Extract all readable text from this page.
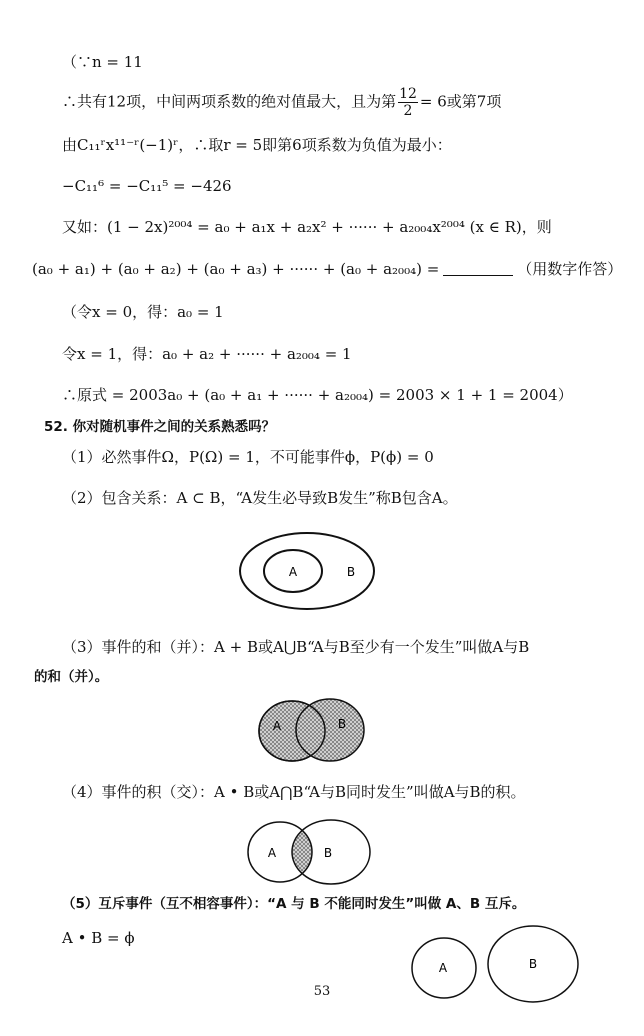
（∵n = 11
∴共有12项，中间两项系数的绝对值最大，且为第 $\frac{12}{2} = 6$或第7项
由C₁₁ʳx¹¹⁻ʳ(−1)ʳ，∴取r = 5即第6项系数为负值为最小：
−C₁₁⁶ = −C₁₁⁵ = −426
又如：(1 − 2x)²⁰⁰⁴ = a₀ + a₁x + a₂x² + ······ + a₂₀₀₄x²⁰⁰⁴ (x ∈ R)，则
(a₀ + a₁) + (a₀ + a₂) + (a₀ + a₃) + ······ + (a₀ + a₂₀₀₄) =	（用数字作答）
（令x = 0，得：a₀ = 1
令x = 1，得：a₀ + a₂ + ······ + a₂₀₀₄ = 1
∴原式 = 2003a₀ + (a₀ + a₁ + ······ + a₂₀₀₄) = 2003 × 1 + 1 = 2004）
52. 你对随机事件之间的关系熟悉吗？
（1）必然事件Ω，P(Ω) = 1，不可能事件ϕ，P(ϕ) = 0
（2）包含关系：A ⊂ B，“A发生必导致B发生”称B包含A。
A	B
（3）事件的和（并）：A + B或A⋃B“A与B至少有一个发生”叫做A与B
的和（并）。
A	B
（4）事件的积（交）：A • B或A⋂B“A与B同时发生”叫做A与B的积。
A	B
（5）互斥事件（互不相容事件）：“A 与 B 不能同时发生”叫做 A、B 互斥。
A • B = ϕ
A	B
53
